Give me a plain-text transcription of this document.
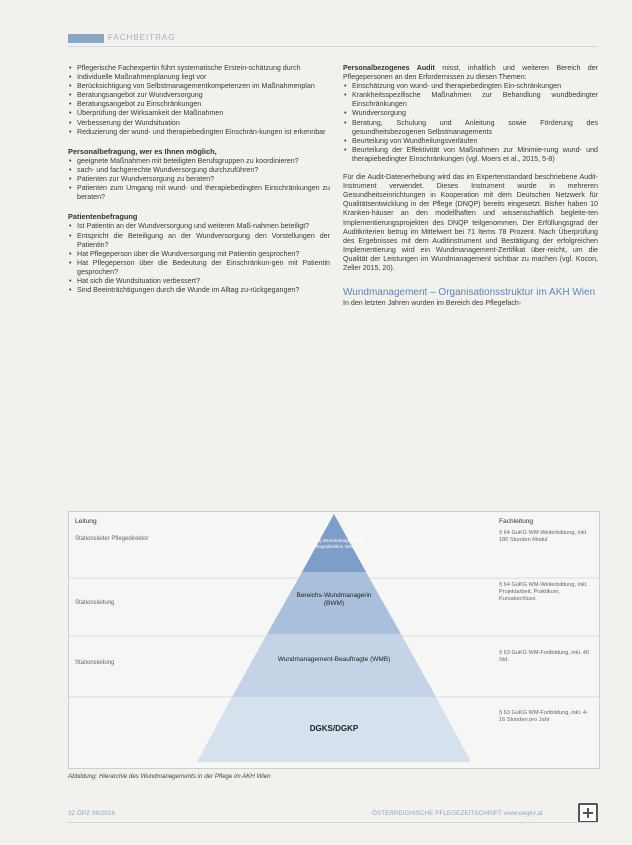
FACHBEITRAG
• Pflegerische Fachexpertin führt systematische Erstein-schätzung durch
• Individuelle Maßnahmenplanung liegt vor
• Berücksichtigung von Selbstmanagementkompetenzen im Maßnahmenplan
• Beratungsangebot zur Wundversorgung
• Beratungsangebot zu Einschränkungen
• Überprüfung der Wirksamkeit der Maßnahmen
• Verbesserung der Wundsituation
• Reduzierung der wund- und therapiebedingten Einschrän-kungen ist erkennbar
Personalbefragung, wer es Ihnen möglich,
• geeignete Maßnahmen mit beteiligten Berufsgruppen zu koordinieren?
• sach- und fachgerechte Wundversorgung durchzuführen?
• Patienten zur Wundversorgung zu beraten?
• Patienten zum Umgang mit wund- und therapiebedingten Einschränkungen zu beraten?
Patientenbefragung
• Ist Patientin an der Wundversorgung und weiteren Maß-nahmen beteiligt?
• Entspricht die Beteiligung an der Wundversorgung den Vorstellungen der Patientin?
• Hat Pflegeperson über die Wundversorgung mit Patientin gesprochen?
• Hat Pflegeperson über die Bedeutung der Einschränkun-gen mit Patientin gesprochen?
• Hat sich die Wundsituation verbessert?
• Sind Beeinträchtigungen durch die Wunde im Alltag zu-rückgegangen?

Personalbezogenes Audit misst, inhaltlich und weiteren Bereich der Pflegepersonen an den Erfordernissen zu diesen Themen:

• Einschätzung von wund- und therapiebedingten Ein-schränkungen
• Krankheitsspezifische Maßnahmen zur Behandlung wundbedingter Einschränkungen
• Wundversorgung
• Beratung, Schulung und Anleitung sowie Förderung des gesundheitsbezogenen Selbstmanagements
• Beurteilung von Wundheilungsverläufen
• Beurteilung der Effektivität von Maßnahmen zur Minimie-rung wund- und therapiebedingter Einschränkungen (vgl. Moers et al., 2015, 5-8)

Für die Audit-Datenerhebung wird das im Expertenstandard beschriebene Audit-Instrument verwendet. Dieses Instrument wurde in mehreren Gesundheitseinrichtungen in Kooperation mit dem Deutschen Netzwerk für Qualitätsentwicklung in der Pflege (DNQP) bereits eingesetzt. Bisher haben 10 Kranken-häuser an den modellhaften und wissenschaftlich begleite-ten Implementierungsprojekten des DNQP teilgenommen. Der Erfüllungsgrad der Auditkriterien betrug im Mittelwert bei 71 Items 78 Prozent. Nach Überprüfung des Ergebnisses mit dem Auditinstrument und Bestätigung der erfolgreichen Implementierung wird ein Wundmanagement-Zertifikat über-reicht, um die Qualität der Leistungen im Wundmanagement sichtbar zu machen (vgl. Kocon, Zeller 2015, 20).

Wundmanagement – Organisationsstruktur im AKH Wien

In den letzten Jahren wurden im Bereich des Pflegefach-

Leitung	Fachleitung
Stationsleiter Pflegedirektor
Stationsleitung
Stationsleitung
Leitung Wundmanagement Pflegedirektion Wien
Bereichs-Wundmanagerin (BWM)
Wundmanagement-Beauftragte (WMB)
DGKS/DGKP
§ 64 GuKG WM-Weiterbildung, inkl. 180 Stunden Modul
§ 64 GuKG WM-Weiterbildung, inkl. Projektarbeit, Praktikum, Kursabschluss
§ 63 GuKG WM-Fortbildung, inkl. 40 Std.
§ 63 GuKG WM-Fortbildung, inkl. 4-16 Stunden pro Jahr
Abbildung: Hierarchie des Wundmanagements in der Pflege im AKH Wien
32 ÖPZ 06/2016	ÖSTERREICHISCHE PFLEGEZEITSCHRIFT www.oegkv.at
